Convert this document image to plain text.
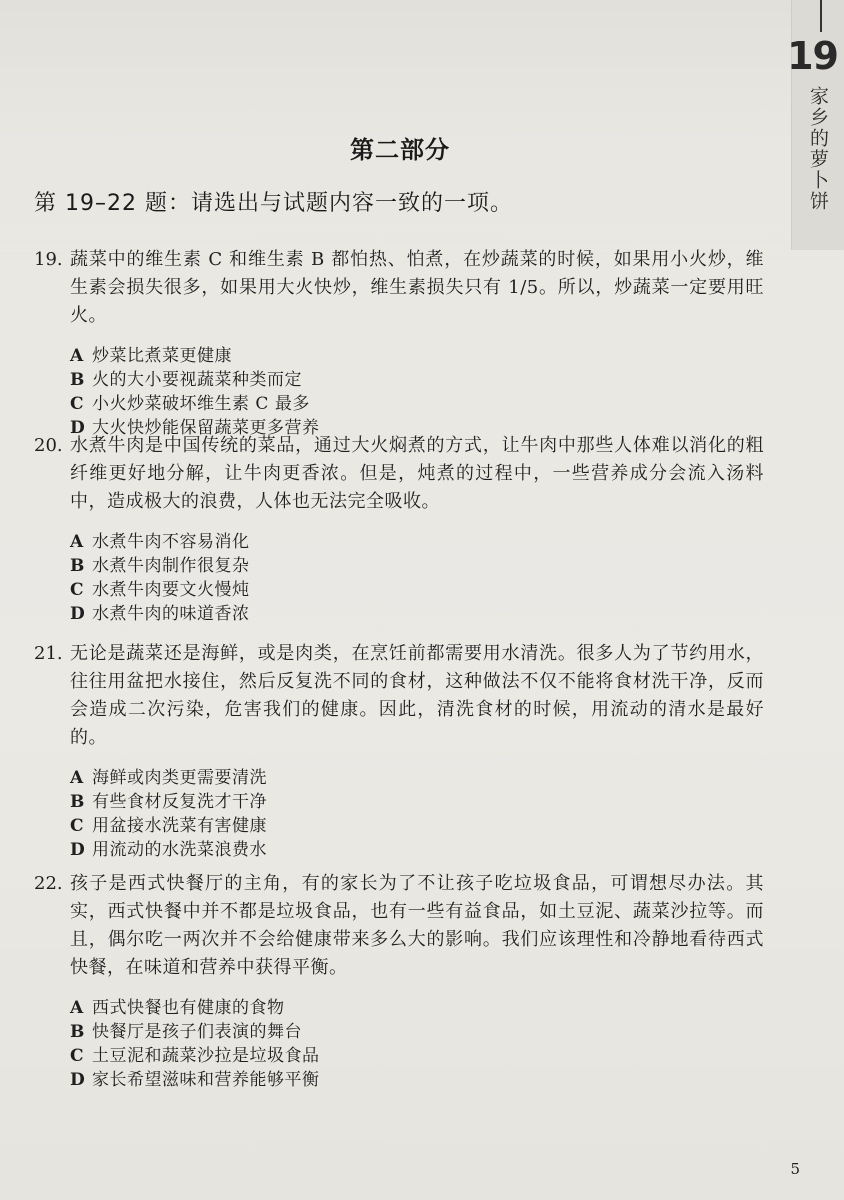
19
家乡的萝卜饼
第二部分
第 19–22 题：请选出与试题内容一致的一项。
19. 蔬菜中的维生素 C 和维生素 B 都怕热、怕煮，在炒蔬菜的时候，如果用小火炒，维生素会损失很多，如果用大火快炒，维生素损失只有 1/5。所以，炒蔬菜一定要用旺火。
A 炒菜比煮菜更健康
B 火的大小要视蔬菜种类而定
C 小火炒菜破坏维生素 C 最多
D 大火快炒能保留蔬菜更多营养
20. 水煮牛肉是中国传统的菜品，通过大火焖煮的方式，让牛肉中那些人体难以消化的粗纤维更好地分解，让牛肉更香浓。但是，炖煮的过程中，一些营养成分会流入汤料中，造成极大的浪费，人体也无法完全吸收。
A 水煮牛肉不容易消化
B 水煮牛肉制作很复杂
C 水煮牛肉要文火慢炖
D 水煮牛肉的味道香浓
21. 无论是蔬菜还是海鲜，或是肉类，在烹饪前都需要用水清洗。很多人为了节约用水，往往用盆把水接住，然后反复洗不同的食材，这种做法不仅不能将食材洗干净，反而会造成二次污染，危害我们的健康。因此，清洗食材的时候，用流动的清水是最好的。
A 海鲜或肉类更需要清洗
B 有些食材反复洗才干净
C 用盆接水洗菜有害健康
D 用流动的水洗菜浪费水
22. 孩子是西式快餐厅的主角，有的家长为了不让孩子吃垃圾食品，可谓想尽办法。其实，西式快餐中并不都是垃圾食品，也有一些有益食品，如土豆泥、蔬菜沙拉等。而且，偶尔吃一两次并不会给健康带来多么大的影响。我们应该理性和冷静地看待西式快餐，在味道和营养中获得平衡。
A 西式快餐也有健康的食物
B 快餐厅是孩子们表演的舞台
C 土豆泥和蔬菜沙拉是垃圾食品
D 家长希望滋味和营养能够平衡
5
